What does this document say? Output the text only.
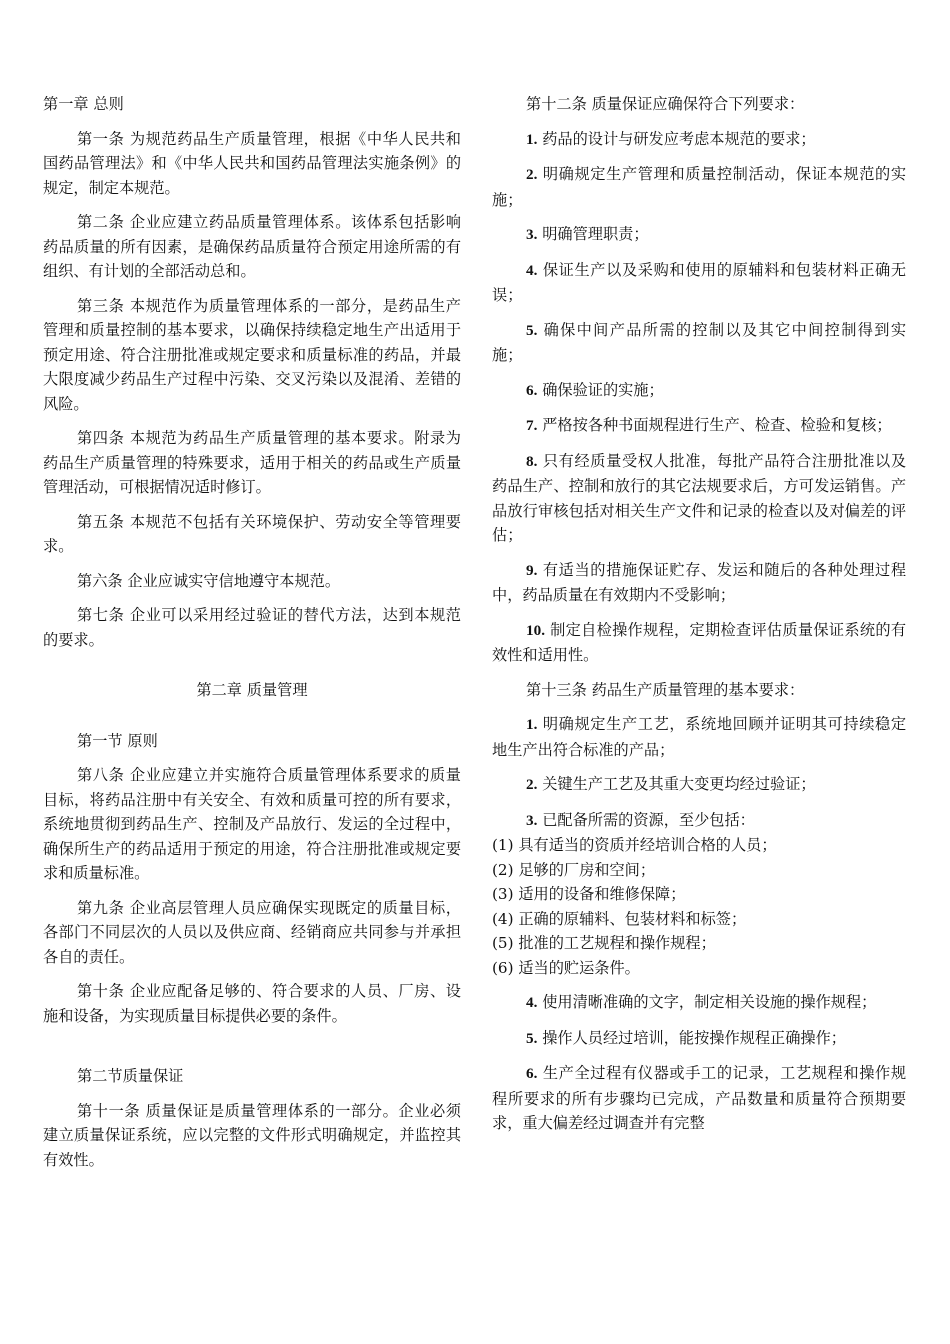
第一章 总则

第一条 为规范药品生产质量管理，根据《中华人民共和国药品管理法》和《中华人民共和国药品管理法实施条例》的规定，制定本规范。

第二条 企业应建立药品质量管理体系。该体系包括影响药品质量的所有因素，是确保药品质量符合预定用途所需的有组织、有计划的全部活动总和。

第三条 本规范作为质量管理体系的一部分，是药品生产管理和质量控制的基本要求，以确保持续稳定地生产出适用于预定用途、符合注册批准或规定要求和质量标准的药品，并最大限度减少药品生产过程中污染、交叉污染以及混淆、差错的风险。

第四条 本规范为药品生产质量管理的基本要求。附录为药品生产质量管理的特殊要求，适用于相关的药品或生产质量管理活动，可根据情况适时修订。

第五条 本规范不包括有关环境保护、劳动安全等管理要求。

第六条 企业应诚实守信地遵守本规范。

第七条 企业可以采用经过验证的替代方法，达到本规范的要求。

第二章 质量管理

第一节 原则

第八条 企业应建立并实施符合质量管理体系要求的质量目标，将药品注册中有关安全、有效和质量可控的所有要求，系统地贯彻到药品生产、控制及产品放行、发运的全过程中，确保所生产的药品适用于预定的用途，符合注册批准或规定要求和质量标准。

第九条 企业高层管理人员应确保实现既定的质量目标，各部门不同层次的人员以及供应商、经销商应共同参与并承担各自的责任。

第十条 企业应配备足够的、符合要求的人员、厂房、设施和设备，为实现质量目标提供必要的条件。

第二节质量保证

第十一条 质量保证是质量管理体系的一部分。企业必须建立质量保证系统，应以完整的文件形式明确规定，并监控其有效性。

第十二条 质量保证应确保符合下列要求：

1. 药品的设计与研发应考虑本规范的要求；

2. 明确规定生产管理和质量控制活动，保证本规范的实施；

3. 明确管理职责；

4. 保证生产以及采购和使用的原辅料和包装材料正确无误；

5. 确保中间产品所需的控制以及其它中间控制得到实施；

6. 确保验证的实施；

7. 严格按各种书面规程进行生产、检查、检验和复核；

8. 只有经质量受权人批准，每批产品符合注册批准以及药品生产、控制和放行的其它法规要求后，方可发运销售。产品放行审核包括对相关生产文件和记录的检查以及对偏差的评估；

9. 有适当的措施保证贮存、发运和随后的各种处理过程中，药品质量在有效期内不受影响；

10. 制定自检操作规程，定期检查评估质量保证系统的有效性和适用性。

第十三条 药品生产质量管理的基本要求：

1. 明确规定生产工艺，系统地回顾并证明其可持续稳定地生产出符合标准的产品；

2. 关键生产工艺及其重大变更均经过验证；

3. 已配备所需的资源，至少包括：

(1) 具有适当的资质并经培训合格的人员；

(2) 足够的厂房和空间；

(3) 适用的设备和维修保障；

(4) 正确的原辅料、包装材料和标签；

(5) 批准的工艺规程和操作规程；

(6) 适当的贮运条件。

4. 使用清晰准确的文字，制定相关设施的操作规程；

5. 操作人员经过培训，能按操作规程正确操作；

6. 生产全过程有仪器或手工的记录，工艺规程和操作规程所要求的所有步骤均已完成，产品数量和质量符合预期要求，重大偏差经过调查并有完整
